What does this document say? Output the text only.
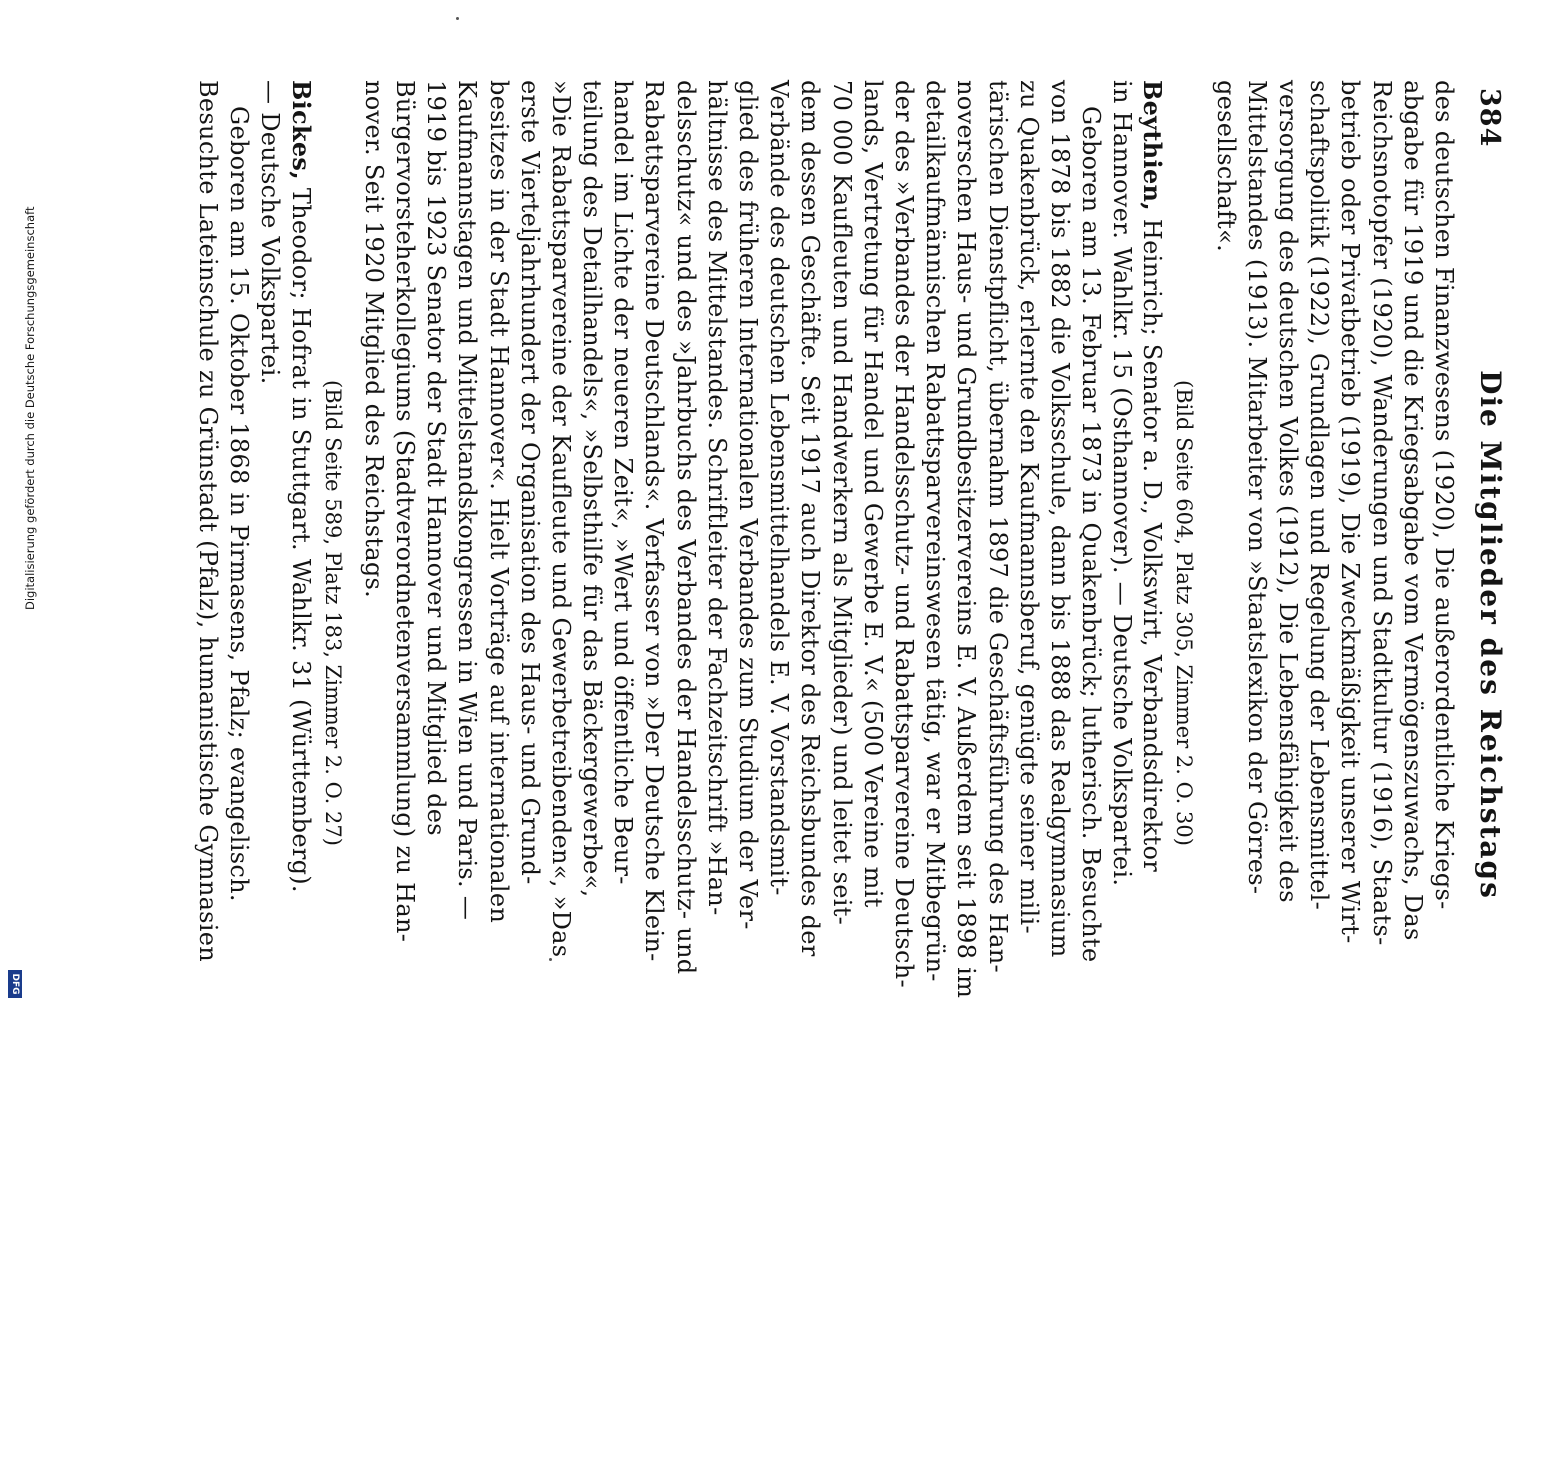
384
Die Mitglieder des Reichstags
des deutschen Finanzwesens (1920), Die außerordentliche Kriegs-
abgabe für 1919 und die Kriegsabgabe vom Vermögenszuwachs, Das
Reichsnotopfer (1920), Wanderungen und Stadtkultur (1916), Staats-
betrieb oder Privatbetrieb (1919), Die Zweckmäßigkeit unserer Wirt-
schaftspolitik (1922), Grundlagen und Regelung der Lebensmittel-
versorgung des deutschen Volkes (1912), Die Lebensfähigkeit des
Mittelstandes (1913). Mitarbeiter von »Staatslexikon der Görres-
gesellschaft«.
(Bild Seite 604, Platz 305, Zimmer 2. O. 30)
Beythien, Heinrich; Senator a. D., Volkswirt, Verbandsdirektor
in Hannover. Wahlkr. 15 (Osthannover). — Deutsche Volkspartei.
Geboren am 13. Februar 1873 in Quakenbrück; lutherisch. Besuchte
von 1878 bis 1882 die Volksschule, dann bis 1888 das Realgymnasium
zu Quakenbrück, erlernte den Kaufmannsberuf, genügte seiner mili-
tärischen Dienstpflicht, übernahm 1897 die Geschäftsführung des Han-
noverschen Haus- und Grundbesitzervereins E. V. Außerdem seit 1898 im
detailkaufmännischen Rabattsparvereinswesen tätig, war er Mitbegrün-
der des »Verbandes der Handelsschutz- und Rabattsparvereine Deutsch-
lands, Vertretung für Handel und Gewerbe E. V.« (500 Vereine mit
70 000 Kaufleuten und Handwerkern als Mitglieder) und leitet seit-
dem dessen Geschäfte. Seit 1917 auch Direktor des Reichsbundes der
Verbände des deutschen Lebensmittelhandels E. V. Vorstandsmit-
glied des früheren Internationalen Verbandes zum Studium der Ver-
hältnisse des Mittelstandes. Schriftleiter der Fachzeitschrift »Han-
delsschutz« und des »Jahrbuchs des Verbandes der Handelsschutz- und
Rabattsparvereine Deutschlands«. Verfasser von »Der Deutsche Klein-
handel im Lichte der neueren Zeit«, »Wert und öffentliche Beur-
teilung des Detailhandels«, »Selbsthilfe für das Bäckergewerbe«,
»Die Rabattsparvereine der Kaufleute und Gewerbetreibenden«, »Das
erste Vierteljahrhundert der Organisation des Haus- und Grund-
besitzes in der Stadt Hannover«. Hielt Vorträge auf internationalen
Kaufmannstagen und Mittelstandskongressen in Wien und Paris. —
1919 bis 1923 Senator der Stadt Hannover und Mitglied des
Bürgervorsteherkollegiums (Stadtverordnetenversammlung) zu Han-
nover. Seit 1920 Mitglied des Reichstags.
(Bild Seite 589, Platz 183, Zimmer 2. O. 27)
Bickes, Theodor; Hofrat in Stuttgart. Wahlkr. 31 (Württemberg).
— Deutsche Volkspartei.
Geboren am 15. Oktober 1868 in Pirmasens, Pfalz; evangelisch.
Besuchte Lateinschule zu Grünstadt (Pfalz), humanistische Gymnasien
Digitalisierung gefördert durch die Deutsche Forschungsgemeinschaft
DFG
